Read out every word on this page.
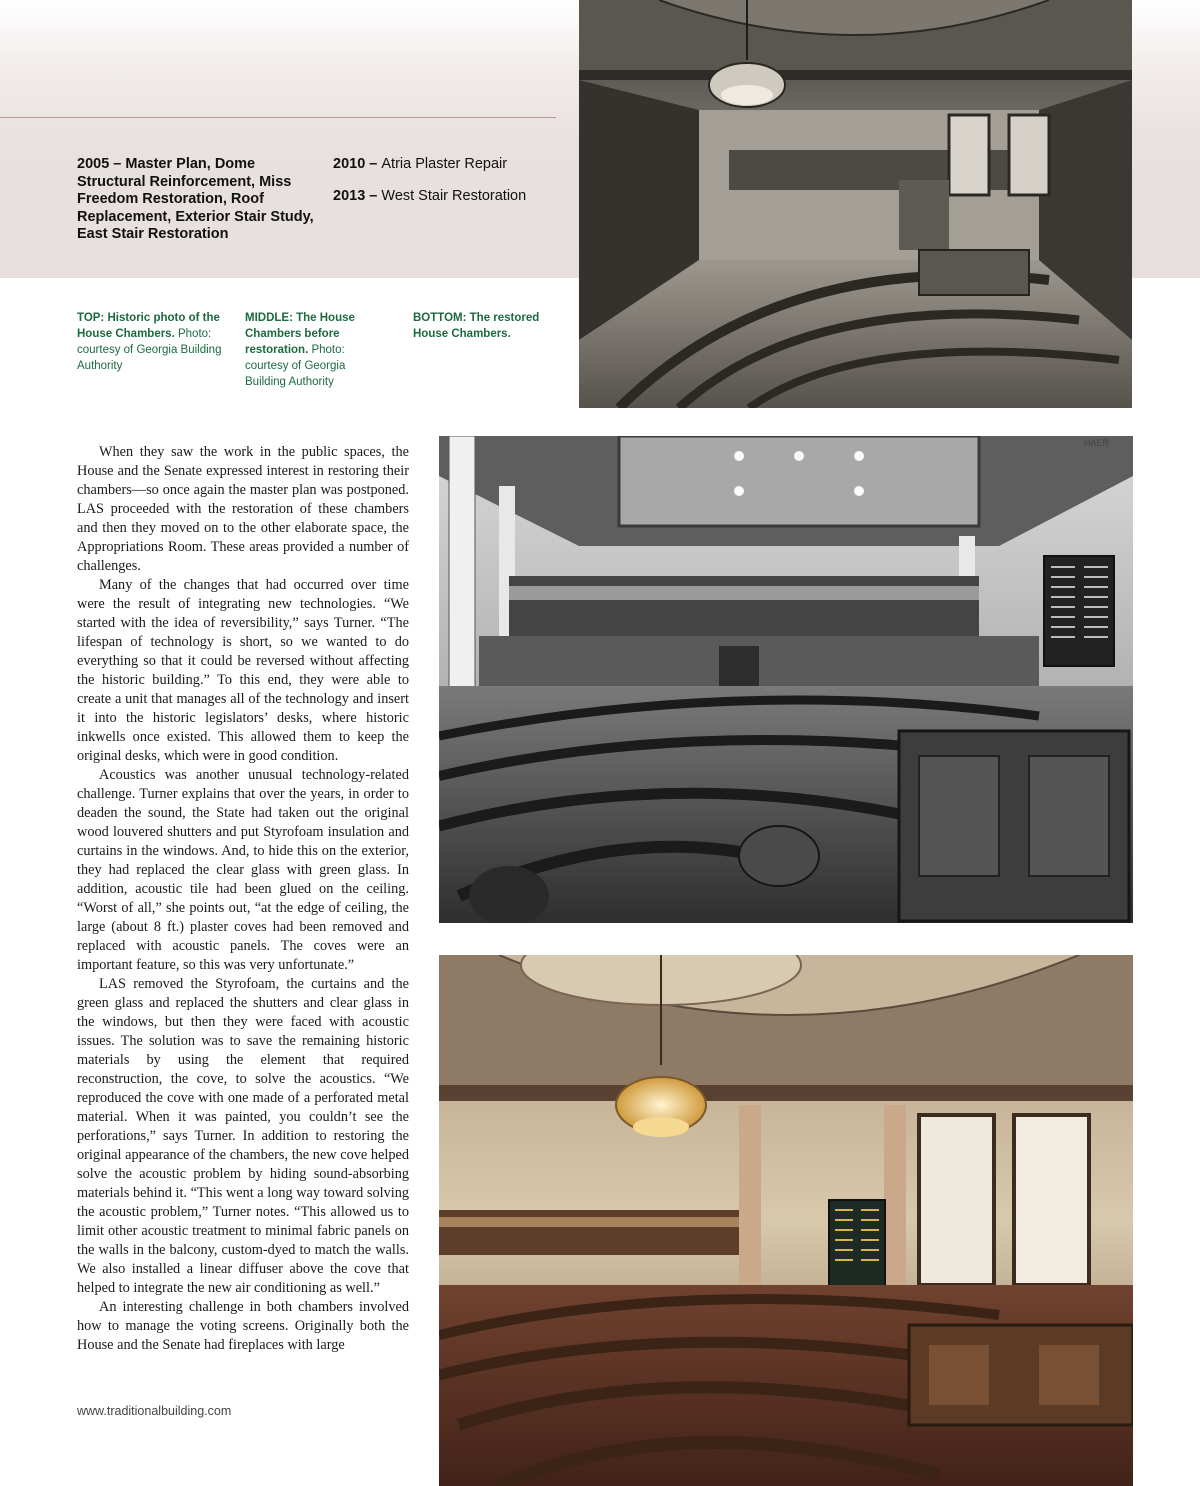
2005 – Master Plan, Dome Structural Reinforcement, Miss Freedom Restoration, Roof Replacement, Exterior Stair Study, East Stair Restoration
2010 – Atria Plaster Repair
2013 – West Stair Restoration
TOP: Historic photo of the House Chambers. Photo: courtesy of Georgia Building Authority
MIDDLE: The House Chambers before restoration. Photo: courtesy of Georgia Building Authority
BOTTOM: The restored House Chambers.

When they saw the work in the public spaces, the House and the Senate expressed interest in restoring their chambers—so once again the master plan was postponed. LAS proceeded with the restoration of these chambers and then they moved on to the other elaborate space, the Appropriations Room. These areas provided a number of challenges.

Many of the changes that had occurred over time were the result of integrating new technologies. “We started with the idea of reversibility,” says Turner. “The lifespan of technology is short, so we wanted to do everything so that it could be reversed without affecting the historic building.” To this end, they were able to create a unit that manages all of the technology and insert it into the historic legislators’ desks, where historic inkwells once existed. This allowed them to keep the original desks, which were in good condition.

Acoustics was another unusual technology-related challenge. Turner explains that over the years, in order to deaden the sound, the State had taken out the original wood louvered shutters and put Styrofoam insulation and curtains in the windows. And, to hide this on the exterior, they had replaced the clear glass with green glass. In addition, acoustic tile had been glued on the ceiling. “Worst of all,” she points out, “at the edge of ceiling, the large (about 8 ft.) plaster coves had been removed and replaced with acoustic panels. The coves were an important feature, so this was very unfortunate.”

LAS removed the Styrofoam, the curtains and the green glass and replaced the shutters and clear glass in the windows, but then they were faced with acoustic issues. The solution was to save the remaining historic materials by using the element that required reconstruction, the cove, to solve the acoustics. “We reproduced the cove with one made of a perforated metal material. When it was painted, you couldn’t see the perforations,” says Turner. In addition to restoring the original appearance of the chambers, the new cove helped solve the acoustic problem by hiding sound-absorbing materials behind it. “This went a long way toward solving the acoustic problem,” Turner notes. “This allowed us to limit other acoustic treatment to minimal fabric panels on the walls in the balcony, custom-dyed to match the walls. We also installed a linear diffuser above the cove that helped to integrate the new air conditioning as well.”

An interesting challenge in both chambers involved how to manage the voting screens. Originally both the House and the Senate had fireplaces with large

www.traditionalbuilding.com
HAER
